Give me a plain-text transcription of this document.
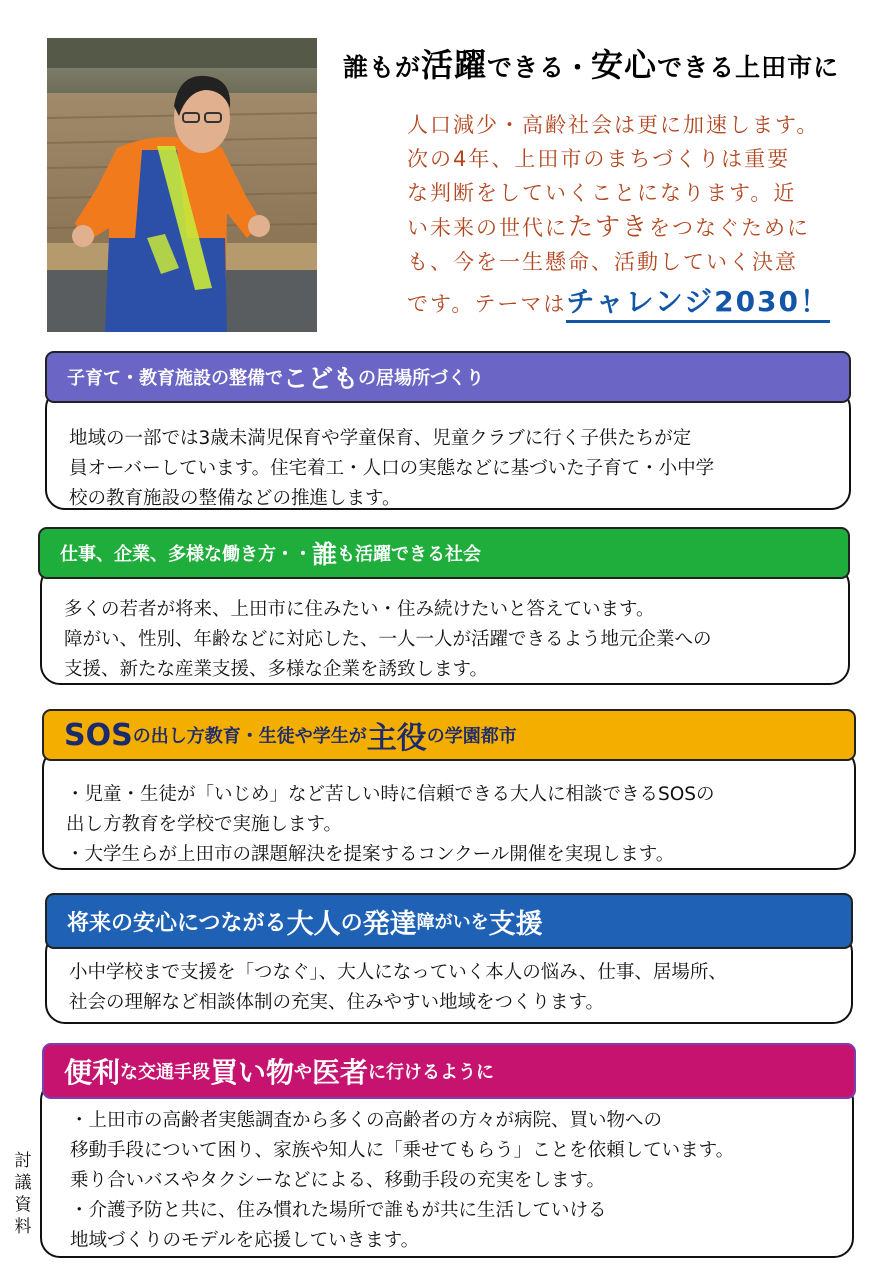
誰もが活躍できる・安心できる上田市に
人口減少・高齢社会は更に加速します。
次の4年、上田市のまちづくりは重要
な判断をしていくことになります。近
い未来の世代にたすきをつなぐために
も、今を一生懸命、活動していく決意
です。テーマはチャレンジ2030！

地域の一部では3歳未満児保育や学童保育、児童クラブに行く子供たちが定

員オーバーしています。住宅着工・人口の実態などに基づいた子育て・小中学

校の教育施設の整備などの推進します。

子育て・教育施設の整備で こども の居場所づくり

多くの若者が将来、上田市に住みたい・住み続けたいと答えています。

障がい、性別、年齢などに対応した、一人一人が活躍できるよう地元企業への

支援、新たな産業支援、多様な企業を誘致します。

仕事、企業、多様な働き方・・ 誰 も活躍できる社会

・児童・生徒が「いじめ」など苦しい時に信頼できる大人に相談できるSOSの

出し方教育を学校で実施します。

・大学生らが上田市の課題解決を提案するコンクール開催を実現します。

SOS の出し方教育・生徒や学生が 主役 の学園都市

小中学校まで支援を「つなぐ」、大人になっていく本人の悩み、仕事、居場所、

社会の理解など相談体制の充実、住みやすい地域をつくります。

将来の安心につながる 大人 の 発達 障がいを 支援

・上田市の高齢者実態調査から多くの高齢者の方々が病院、買い物への

移動手段について困り、家族や知人に「乗せてもらう」ことを依頼しています。

乗り合いバスやタクシーなどによる、移動手段の充実をします。

・介護予防と共に、住み慣れた場所で誰もが共に生活していける

地域づくりのモデルを応援していきます。

便利 な交通手段 買い物 や 医者 に行けるように
討
議
資
料
